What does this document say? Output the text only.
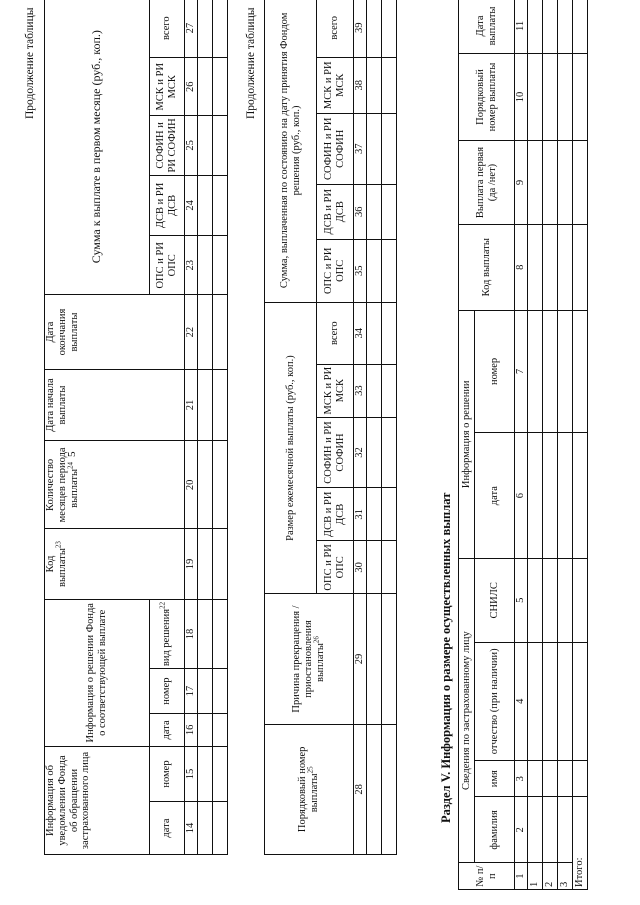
5
Продолжение таблицы
Информация об уведомлении Фонда об обращении застрахованного лица		Информация о решении Фонда о соответствующей выплате			Код выплаты$^{23}$	Количество месяцев периода выплаты$^{24}$	Дата начала выплаты	Дата окончания выплаты	Сумма к выплате в первом месяце (руб., коп.)				
дата	номер	дата	номер	вид решения$^{22}$					ОПС и РИ ОПС	ДСВ и РИ ДСВ	СОФИН и РИ СОФИН	МСК и РИ МСК	всего

14	15	16	17	18	19	20	21	22	23	24	25	26	27

														Продолжение таблицы
Порядковый номер выплаты$^{25}$	Причина прекращения / приостановления выплаты$^{26}$	Размер ежемесячной выплаты (руб., коп.)					Сумма, выплаченная по состоянию на дату принятия Фондом решения (руб., коп.)				
		ОПС и РИ ОПС	ДСВ и РИ ДСВ	СОФИН и РИ СОФИН	МСК и РИ МСК	всего	ОПС и РИ ОПС	ДСВ и РИ ДСВ	СОФИН и РИ СОФИН	МСК и РИ МСК	всего
28	29	30	31	32	33	34	35	36	37	38	39

Раздел V. Информация о размере осуществленных выплат
№ п/п	Сведения по застрахованному лицу				Информация о решении		Код выплаты	Выплата первая (да /нет)	Порядковый номер выплаты	Дата выплаты
	фамилия	имя	отчество (при наличии)	СНИЛС	дата	номер				
1	2	3	4	5	6	7	8	9	10	11
1										
2										
3										
Итого:										
